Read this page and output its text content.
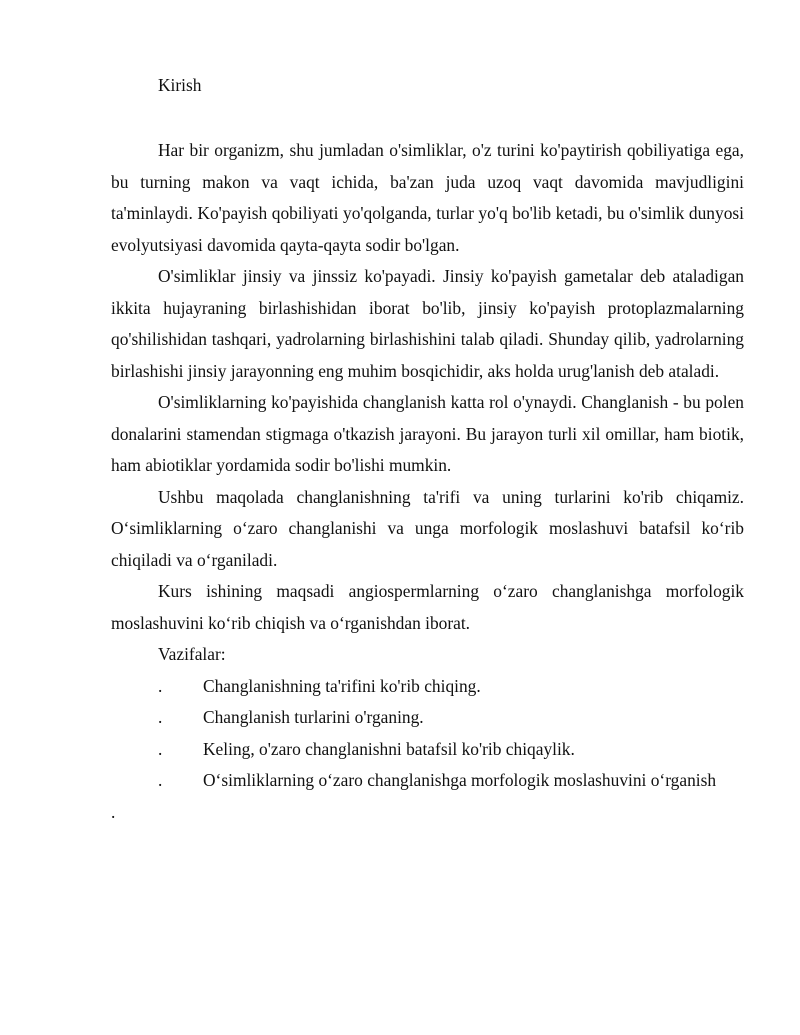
Kirish

Har bir organizm, shu jumladan o'simliklar, o'z turini ko'paytirish qobiliyatiga ega, bu turning makon va vaqt ichida, ba'zan juda uzoq vaqt davomida mavjudligini ta'minlaydi. Ko'payish qobiliyati yo'qolganda, turlar yo'q bo'lib ketadi, bu o'simlik dunyosi evolyutsiyasi davomida qayta-qayta sodir bo'lgan.

O'simliklar jinsiy va jinssiz ko'payadi. Jinsiy ko'payish gametalar deb ataladigan ikkita hujayraning birlashishidan iborat bo'lib, jinsiy ko'payish protoplazmalarning qo'shilishidan tashqari, yadrolarning birlashishini talab qiladi. Shunday qilib, yadrolarning birlashishi jinsiy jarayonning eng muhim bosqichidir, aks holda urug'lanish deb ataladi.

O'simliklarning ko'payishida changlanish katta rol o'ynaydi. Changlanish - bu polen donalarini stamendan stigmaga o'tkazish jarayoni. Bu jarayon turli xil omillar, ham biotik, ham abiotiklar yordamida sodir bo'lishi mumkin.

Ushbu maqolada changlanishning ta'rifi va uning turlarini ko'rib chiqamiz. O‘simliklarning o‘zaro changlanishi va unga morfologik moslashuvi batafsil ko‘rib chiqiladi va o‘rganiladi.

Kurs ishining maqsadi angiospermlarning o‘zaro changlanishga morfologik moslashuvini ko‘rib chiqish va o‘rganishdan iborat.

Vazifalar:

. Changlanishning ta'rifini ko'rib chiqing.
. Changlanish turlarini o'rganing.
. Keling, o'zaro changlanishni batafsil ko'rib chiqaylik.
. O‘simliklarning o‘zaro changlanishga morfologik moslashuvini o‘rganish
.
